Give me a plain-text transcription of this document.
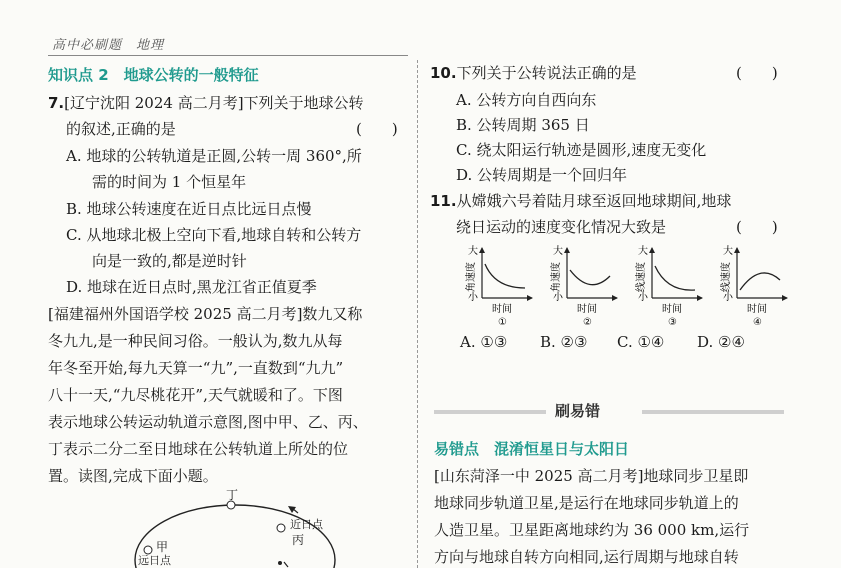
高中必刷题　地理
知识点 2　地球公转的一般特征
7.[辽宁沈阳 2024 高二月考]下列关于地球公转
的叙述,正确的是	(　　)
A. 地球的公转轨道是正圆,公转一周 360°,所
需的时间为 1 个恒星年
B. 地球公转速度在近日点比远日点慢
C. 从地球北极上空向下看,地球自转和公转方
向是一致的,都是逆时针
D. 地球在近日点时,黑龙江省正值夏季
[福建福州外国语学校 2025 高二月考]数九又称
冬九九,是一种民间习俗。一般认为,数九从每
年冬至开始,每九天算一“九”,一直数到“九九”
八十一天,“九尽桃花开”,天气就暖和了。下图
表示地球公转运动轨道示意图,图中甲、乙、丙、
丁表示二分二至日地球在公转轨道上所处的位
置。读图,完成下面小题。
丁
近日点
丙
甲
远日点
10.下列关于公转说法正确的是	(　　)
A. 公转方向自西向东
B. 公转周期 365 日
C. 绕太阳运行轨迹是圆形,速度无变化
D. 公转周期是一个回归年
11.从嫦娥六号着陆月球至返回地球期间,地球
绕日运动的速度变化情况大致是	(　　)
大
小
角速度
时间
①
大
小
角速度
时间
②
大
小
线速度
时间
③
大
小
线速度
时间
④
A. ①③ B. ②③ C. ①④ D. ②④
刷易错
易错点　混淆恒星日与太阳日
[山东菏泽一中 2025 高二月考]地球同步卫星即
地球同步轨道卫星,是运行在地球同步轨道上的
人造卫星。卫星距离地球约为 36 000 km,运行
方向与地球自转方向相同,运行周期与地球自转
